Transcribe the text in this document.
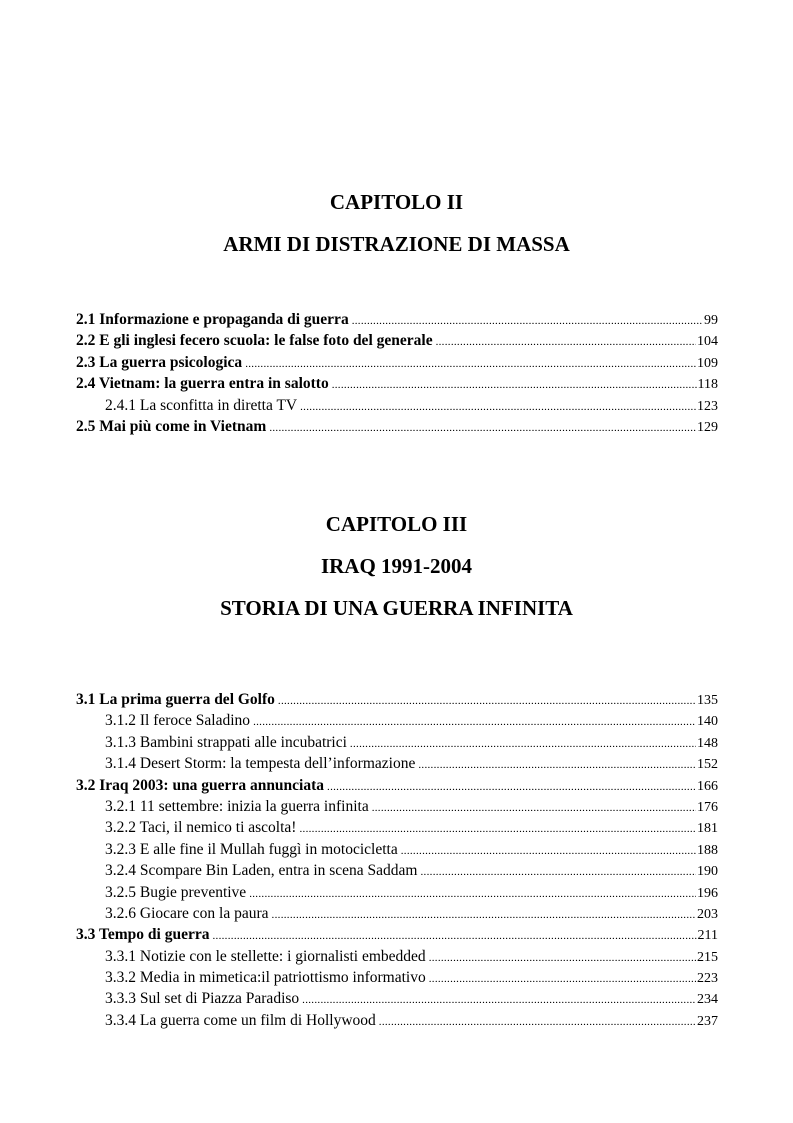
CAPITOLO II
ARMI DI DISTRAZIONE DI MASSA
2.1 Informazione e propaganda di guerra .....	99
2.2 E gli inglesi fecero scuola: le false foto del generale .....	104
2.3 La guerra psicologica .....	109
2.4 Vietnam: la guerra entra in salotto .....	118
2.4.1 La sconfitta in diretta TV .....	123
2.5 Mai più come in Vietnam .....	129
CAPITOLO III
IRAQ 1991-2004
STORIA DI UNA GUERRA INFINITA
3.1 La prima guerra del Golfo .....	135
3.1.2 Il feroce Saladino .....	140
3.1.3 Bambini strappati alle incubatrici .....	148
3.1.4 Desert Storm: la tempesta dell’informazione .....	152
3.2 Iraq 2003: una guerra annunciata .....	166
3.2.1 11 settembre: inizia la guerra infinita .....	176
3.2.2 Taci, il nemico ti ascolta! .....	181
3.2.3 E alle fine il Mullah fuggì in motocicletta .....	188
3.2.4 Scompare Bin Laden, entra in scena Saddam .....	190
3.2.5 Bugie preventive .....	196
3.2.6 Giocare con la paura .....	203
3.3 Tempo di guerra .....	211
3.3.1 Notizie con le stellette: i giornalisti embedded .....	215
3.3.2 Media in mimetica:il patriottismo informativo .....	223
3.3.3 Sul set di Piazza Paradiso .....	234
3.3.4 La guerra come un film di Hollywood .....	237
